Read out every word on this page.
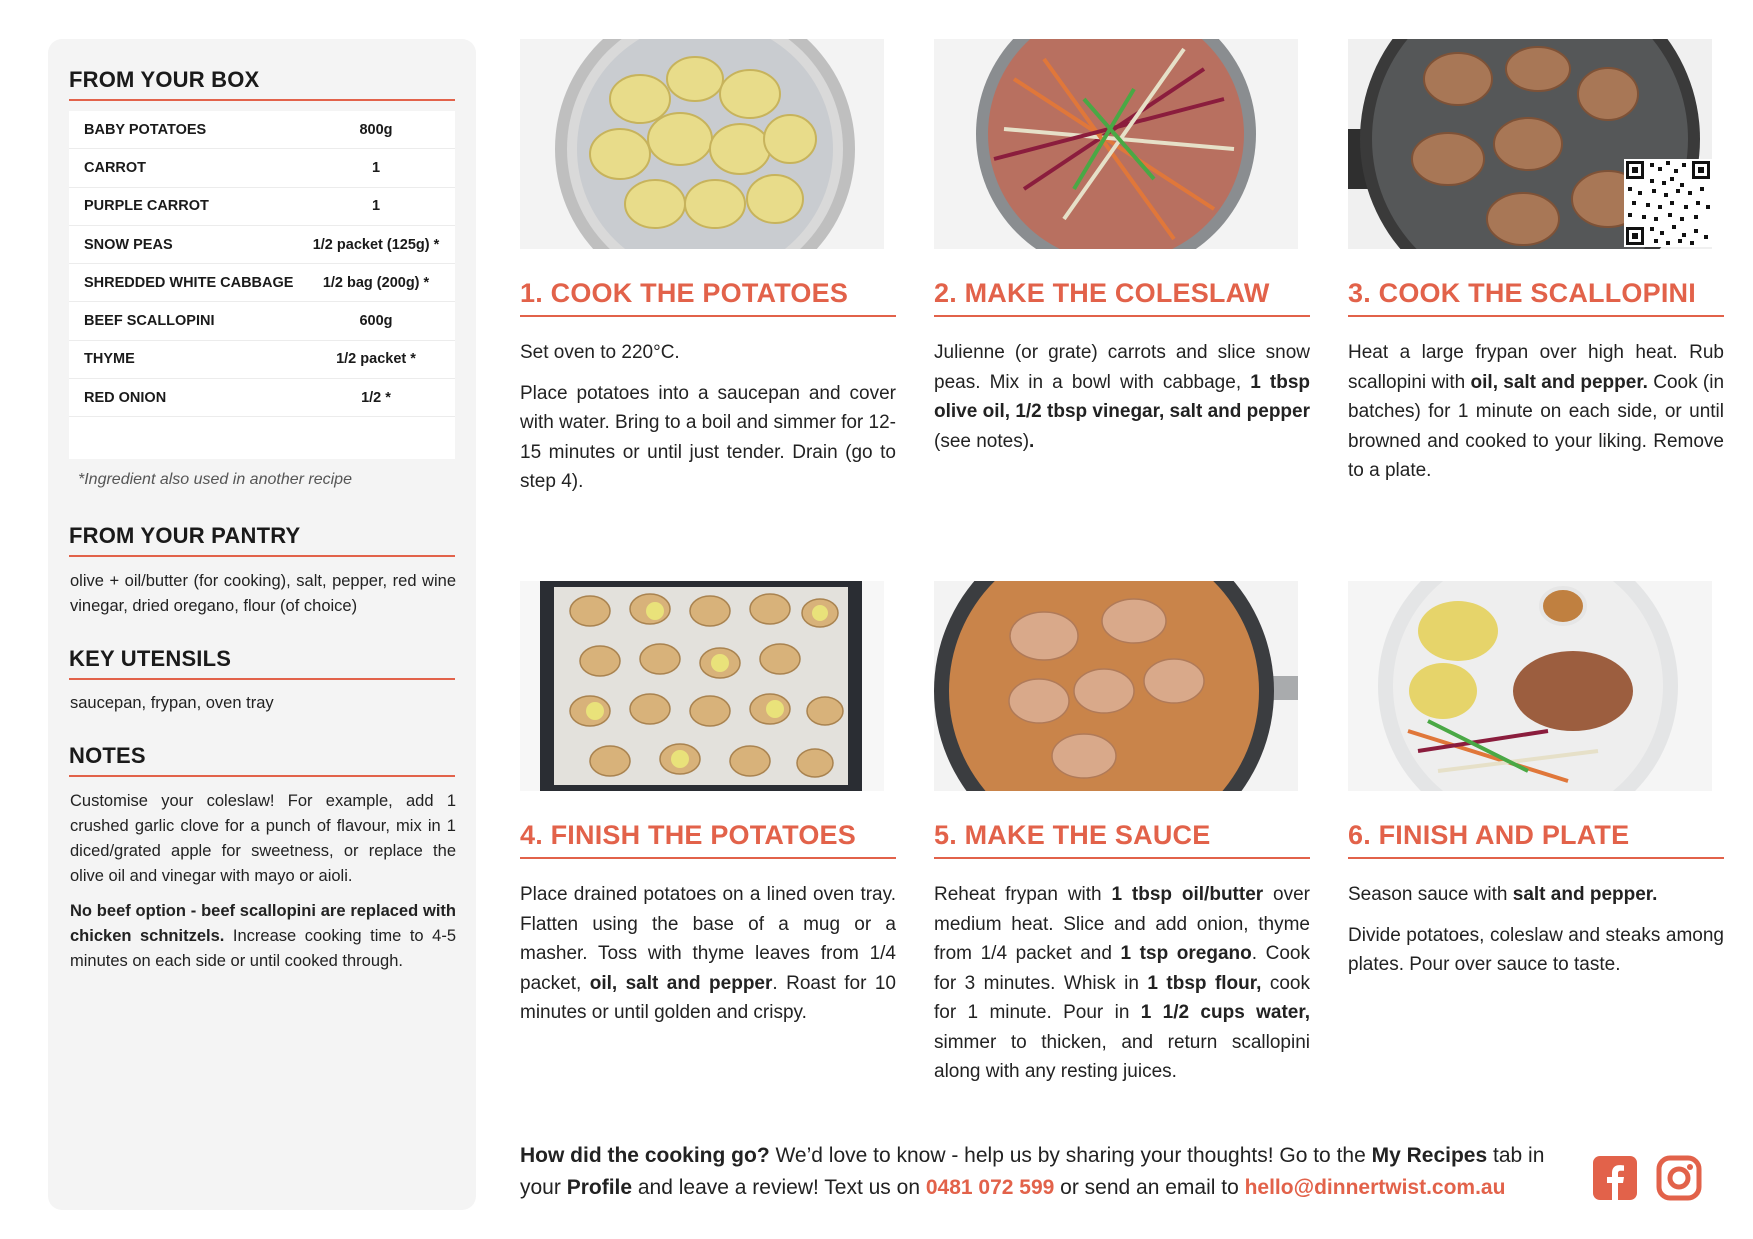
FROM YOUR BOX
BABY POTATOES	800g
CARROT	1
PURPLE CARROT	1
SNOW PEAS	1/2 packet (125g) *
SHREDDED WHITE CABBAGE	1/2 bag (200g) *
BEEF SCALLOPINI	600g
THYME	1/2 packet *
RED ONION	1/2 *
*Ingredient also used in another recipe
FROM YOUR PANTRY
olive + oil/butter (for cooking), salt, pepper, red wine vinegar, dried oregano, flour (of choice)
KEY UTENSILS
saucepan, frypan, oven tray
NOTES
Customise your coleslaw! For example, add 1 crushed garlic clove for a punch of flavour, mix in 1 diced/grated apple for sweetness, or replace the olive oil and vinegar with mayo or aioli.
No beef option - beef scallopini are replaced with chicken schnitzels. Increase cooking time to 4-5 minutes on each side or until cooked through.
1. COOK THE POTATOES

Set oven to 220°C.

Place potatoes into a saucepan and cover with water. Bring to a boil and simmer for 12-15 minutes or until just tender. Drain (go to step 4).

2. MAKE THE COLESLAW

Julienne (or grate) carrots and slice snow peas. Mix in a bowl with cabbage, 1 tbsp olive oil, 1/2 tbsp vinegar, salt and pepper (see notes).

3. COOK THE SCALLOPINI

Heat a large frypan over high heat. Rub scallopini with oil, salt and pepper. Cook (in batches) for 1 minute on each side, or until browned and cooked to your liking. Remove to a plate.

4. FINISH THE POTATOES

Place drained potatoes on a lined oven tray. Flatten using the base of a mug or a masher. Toss with thyme leaves from 1/4 packet, oil, salt and pepper. Roast for 10 minutes or until golden and crispy.

5. MAKE THE SAUCE

Reheat frypan with 1 tbsp oil/butter over medium heat. Slice and add onion, thyme from 1/4 packet and 1 tsp oregano. Cook for 3 minutes. Whisk in 1 tbsp flour, cook for 1 minute. Pour in 1 1/2 cups water, simmer to thicken, and return scallopini along with any resting juices.

6. FINISH AND PLATE

Season sauce with salt and pepper.

Divide potatoes, coleslaw and steaks among plates. Pour over sauce to taste.

How did the cooking go? We’d love to know - help us by sharing your thoughts! Go to the My Recipes tab in your Profile and leave a review! Text us on 0481 072 599 or send an email to hello@dinnertwist.com.au
